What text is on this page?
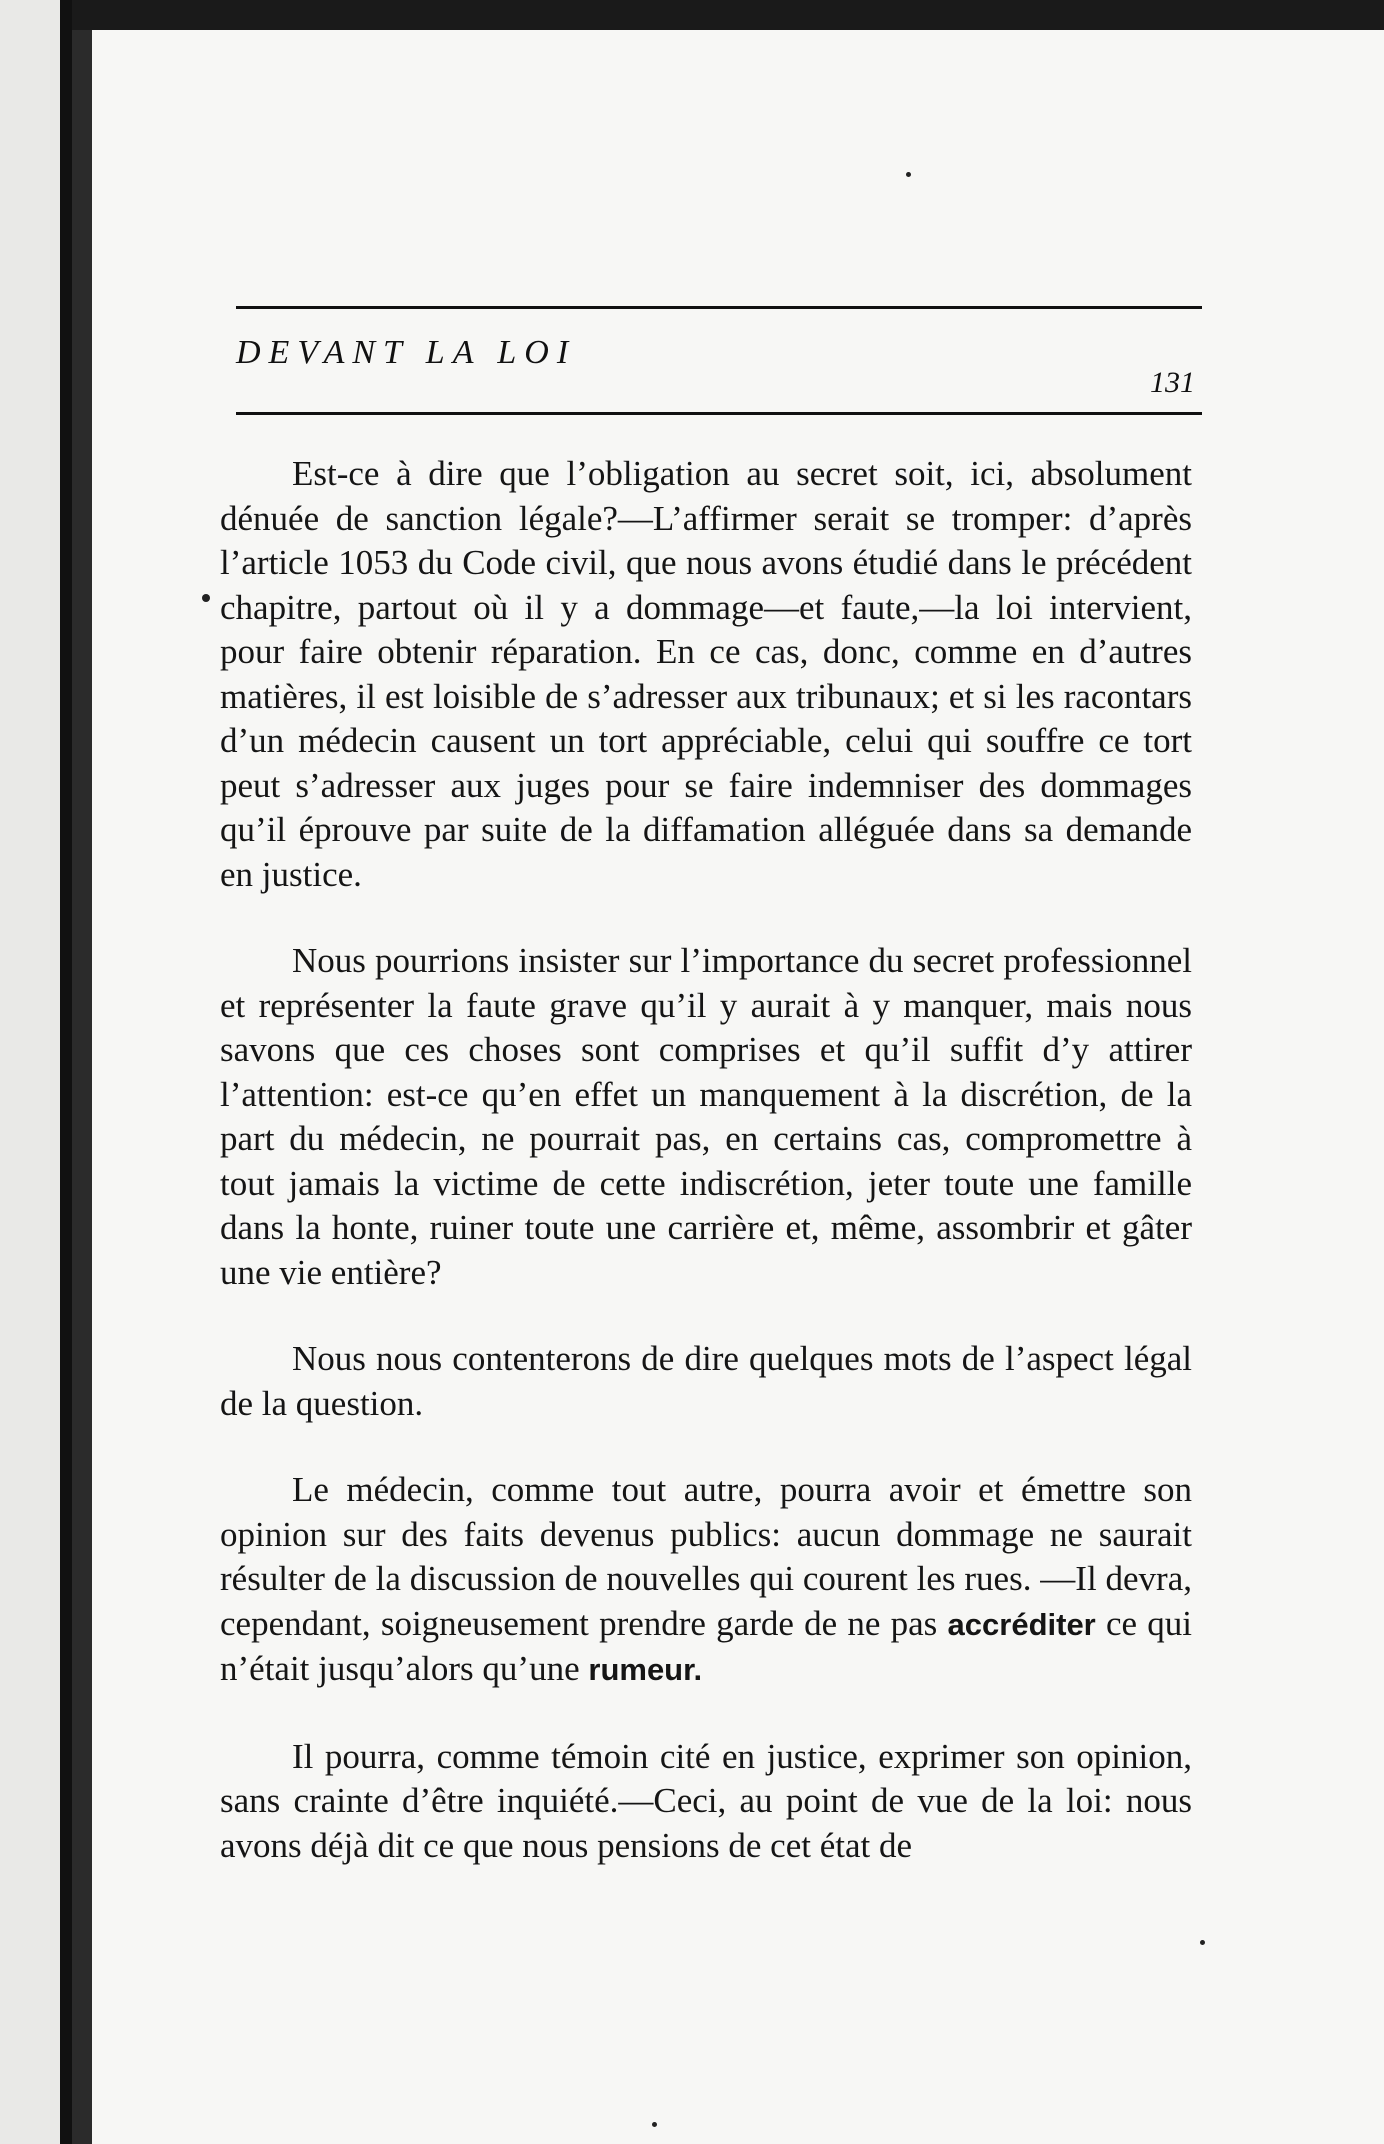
DEVANT LA LOI
131

Est-ce à dire que l’obligation au secret soit, ici, absolument dénuée de sanction légale?—L’affirmer serait se tromper: d’après l’article 1053 du Code civil, que nous avons étudié dans le précédent chapitre, partout où il y a dommage—et faute,—la loi intervient, pour faire obtenir réparation. En ce cas, donc, comme en d’autres matières, il est loisible de s’adresser aux tribunaux; et si les racontars d’un médecin causent un tort appréciable, celui qui souffre ce tort peut s’adresser aux juges pour se faire indemniser des dommages qu’il éprouve par suite de la diffamation alléguée dans sa demande en justice.

Nous pourrions insister sur l’importance du secret professionnel et représenter la faute grave qu’il y aurait à y manquer, mais nous savons que ces choses sont comprises et qu’il suffit d’y attirer l’attention: est-ce qu’en effet un manquement à la discrétion, de la part du médecin, ne pourrait pas, en certains cas, compromettre à tout jamais la victime de cette indiscrétion, jeter toute une famille dans la honte, ruiner toute une carrière et, même, assombrir et gâter une vie entière?

Nous nous contenterons de dire quelques mots de l’aspect légal de la question.

Le médecin, comme tout autre, pourra avoir et émettre son opinion sur des faits devenus publics: aucun dommage ne saurait résulter de la discussion de nouvelles qui courent les rues. —Il devra, cependant, soigneusement prendre garde de ne pas accréditer ce qui n’était jusqu’alors qu’une rumeur.

Il pourra, comme témoin cité en justice, exprimer son opinion, sans crainte d’être inquiété.—Ceci, au point de vue de la loi: nous avons déjà dit ce que nous pensions de cet état de
